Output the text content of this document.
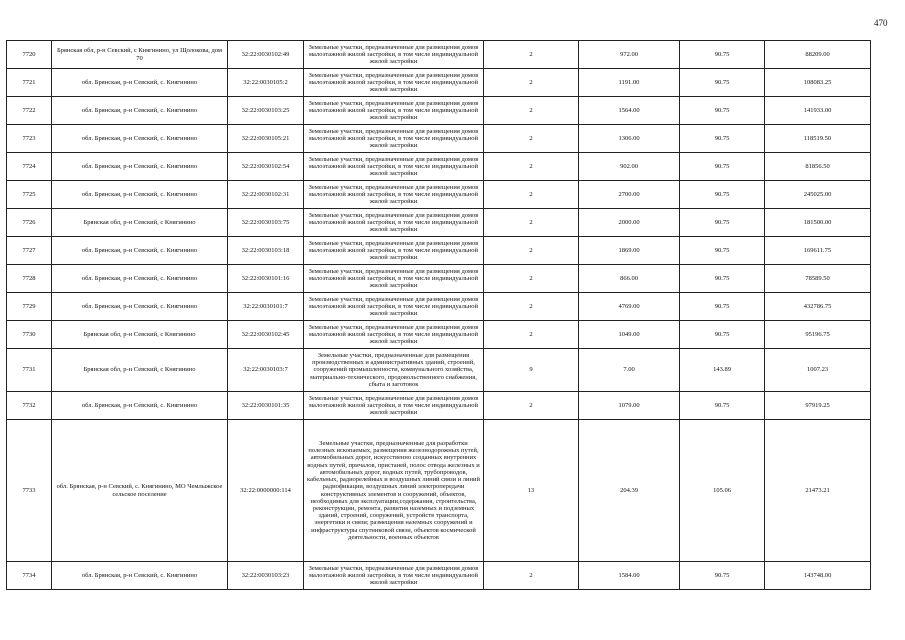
470
7720	Брянская обл, р-н Севский, с Княгинино, ул Щолокова, дом 70	32:22:0030102:49	Земельные участки, предназначенные для размещения домов малоэтажной жилой застройки, в том числе индивидуальной жилой застройки	2	972.00	90.75	88209.00
7721	обл. Брянская, р-н Севский, с. Княгинино	32:22:0030105:2	Земельные участки, предназначенные для размещения домов малоэтажной жилой застройки, в том числе индивидуальной жилой застройки	2	1191.00	90.75	108083.25
7722	обл. Брянская, р-н Севский, с. Княгинино	32:22:0030103:25	Земельные участки, предназначенные для размещения домов малоэтажной жилой застройки, в том числе индивидуальной жилой застройки	2	1564.00	90.75	141933.00
7723	обл. Брянская, р-н Севский, с. Княгинино	32:22:0030105:21	Земельные участки, предназначенные для размещения домов малоэтажной жилой застройки, в том числе индивидуальной жилой застройки	2	1306.00	90.75	118519.50
7724	обл. Брянская, р-н Севский, с. Княгинино	32:22:0030102:54	Земельные участки, предназначенные для размещения домов малоэтажной жилой застройки, в том числе индивидуальной жилой застройки	2	902.00	90.75	81856.50
7725	обл. Брянская, р-н Севский, с. Княгинино	32:22:0030102:31	Земельные участки, предназначенные для размещения домов малоэтажной жилой застройки, в том числе индивидуальной жилой застройки	2	2700.00	90.75	245025.00
7726	Брянская обл, р-н Севский, с Княгинино	32:22:0030103:75	Земельные участки, предназначенные для размещения домов малоэтажной жилой застройки, в том числе индивидуальной жилой застройки	2	2000.00	90.75	181500.00
7727	обл. Брянская, р-н Севский, с. Княгинино	32:22:0030103:18	Земельные участки, предназначенные для размещения домов малоэтажной жилой застройки, в том числе индивидуальной жилой застройки	2	1869.00	90.75	169611.75
7728	обл. Брянская, р-н Севский, с. Княгинино	32:22:0030101:16	Земельные участки, предназначенные для размещения домов малоэтажной жилой застройки, в том числе индивидуальной жилой застройки	2	866.00	90.75	78589.50
7729	обл. Брянская, р-н Севский, с. Княгинино	32:22:0030101:7	Земельные участки, предназначенные для размещения домов малоэтажной жилой застройки, в том числе индивидуальной жилой застройки	2	4769.00	90.75	432786.75
7730	Брянская обл, р-н Севский, с Княгинино	32:22:0030102:45	Земельные участки, предназначенные для размещения домов малоэтажной жилой застройки, в том числе индивидуальной жилой застройки	2	1049.00	90.75	95196.75
7731	Брянская обл, р-н Севский, с Княгинино	32:22:0030103:7	Земельные участки, предназначенные для размещения производственных и административных зданий, строений, сооружений промышленности, коммунального хозяйства, материально-технического, продовольственного снабжения, сбыта и заготовок	9	7.00	143.89	1007.23
7732	обл. Брянская, р-н Севский, с. Княгинино	32:22:0030101:35	Земельные участки, предназначенные для размещения домов малоэтажной жилой застройки, в том числе индивидуальной жилой застройки	2	1079.00	90.75	97919.25
7733	обл. Брянская, р-н Севский, с. Княгинино, МО Чемлыжское сельское поселение	32:22:0000000:114	Земельные участки, предназначенные для разработки полезных ископаемых, размещения железнодорожных путей, автомобильных дорог, искусственно созданных внутренних водных путей, причалов, пристаней, полос отвода железных и автомобильных дорог, водных путей, трубопроводов, кабельных, радиорелейных и воздушных линий связи и линий радиофикации, воздушных линий электропередачи конструктивных элементов и сооружений, объектов, необходимых для эксплуатации,содержания, строительства, реконструкции, ремонта, развития наземных и подземных зданий, строений, сооружений, устройств транспорта, энергетики и связи; размещения наземных сооружений и инфраструктуры спутниковой связи, объектов космической деятельности, военных объектов	13	204.39	105.06	21473.21
7734	обл. Брянская, р-н Севский, с. Княгинино	32:22:0030103:23	Земельные участки, предназначенные для размещения домов малоэтажной жилой застройки, в том числе индивидуальной жилой застройки	2	1584.00	90.75	143748.00
